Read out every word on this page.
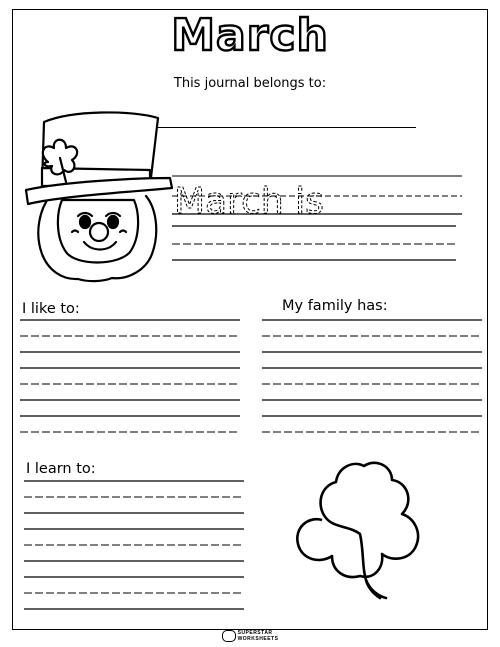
March
This journal belongs to:
March is
I like to:	My family has:
I learn to:
SUPERSTAR
WORKSHEETS
